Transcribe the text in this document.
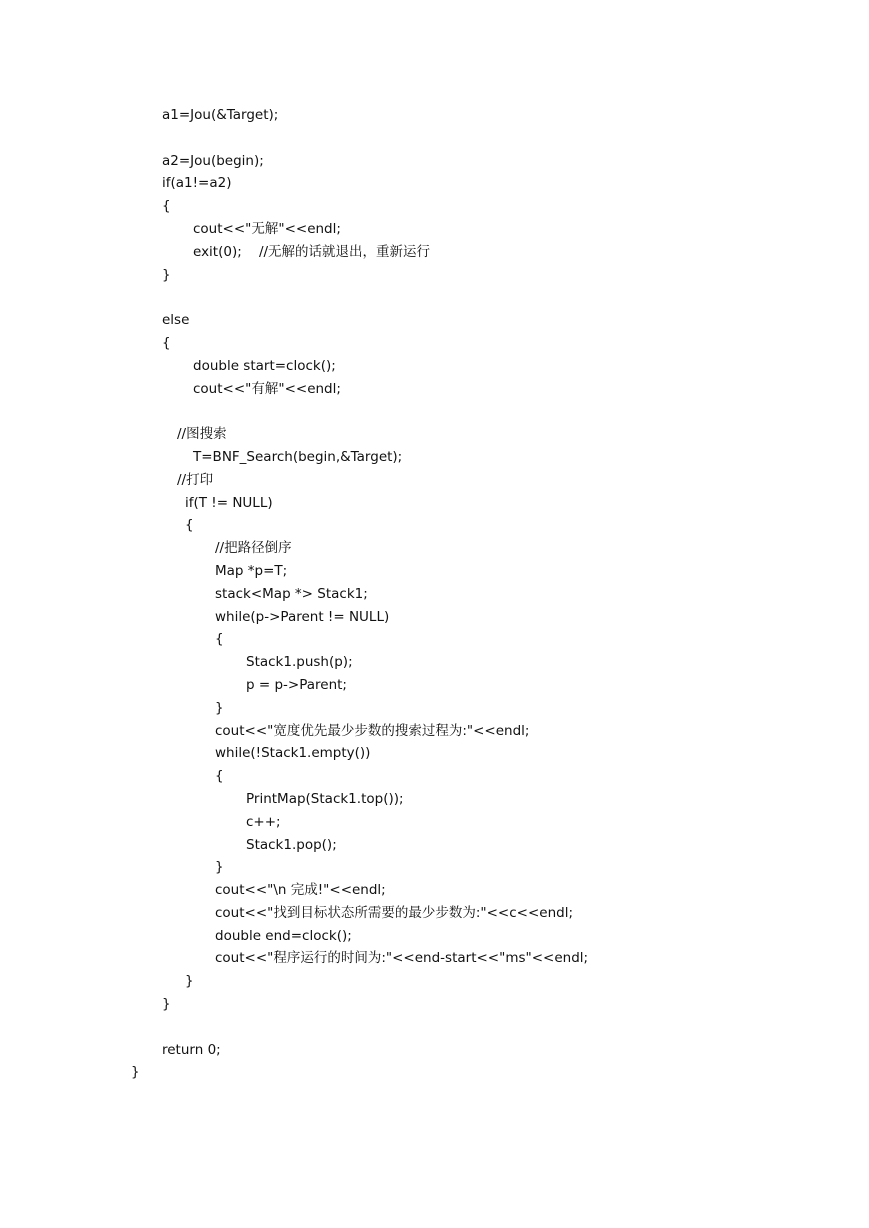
a1=Jou(&Target);
a2=Jou(begin);
if(a1!=a2)
{
cout<<"无解"<<endl;
exit(0);    //无解的话就退出，重新运行
}
else
{
double start=clock();
cout<<"有解"<<endl;
//图搜索
T=BNF_Search(begin,&Target);
//打印
if(T != NULL)
{
//把路径倒序
Map *p=T;
stack<Map *> Stack1;
while(p->Parent != NULL)
{
Stack1.push(p);
p = p->Parent;
}
cout<<"宽度优先最少步数的搜索过程为:"<<endl;
while(!Stack1.empty())
{
PrintMap(Stack1.top());
c++;
Stack1.pop();
}
cout<<"\n 完成!"<<endl;
cout<<"找到目标状态所需要的最少步数为:"<<c<<endl;
double end=clock();
cout<<"程序运行的时间为:"<<end-start<<"ms"<<endl;
}
}
return 0;
}
